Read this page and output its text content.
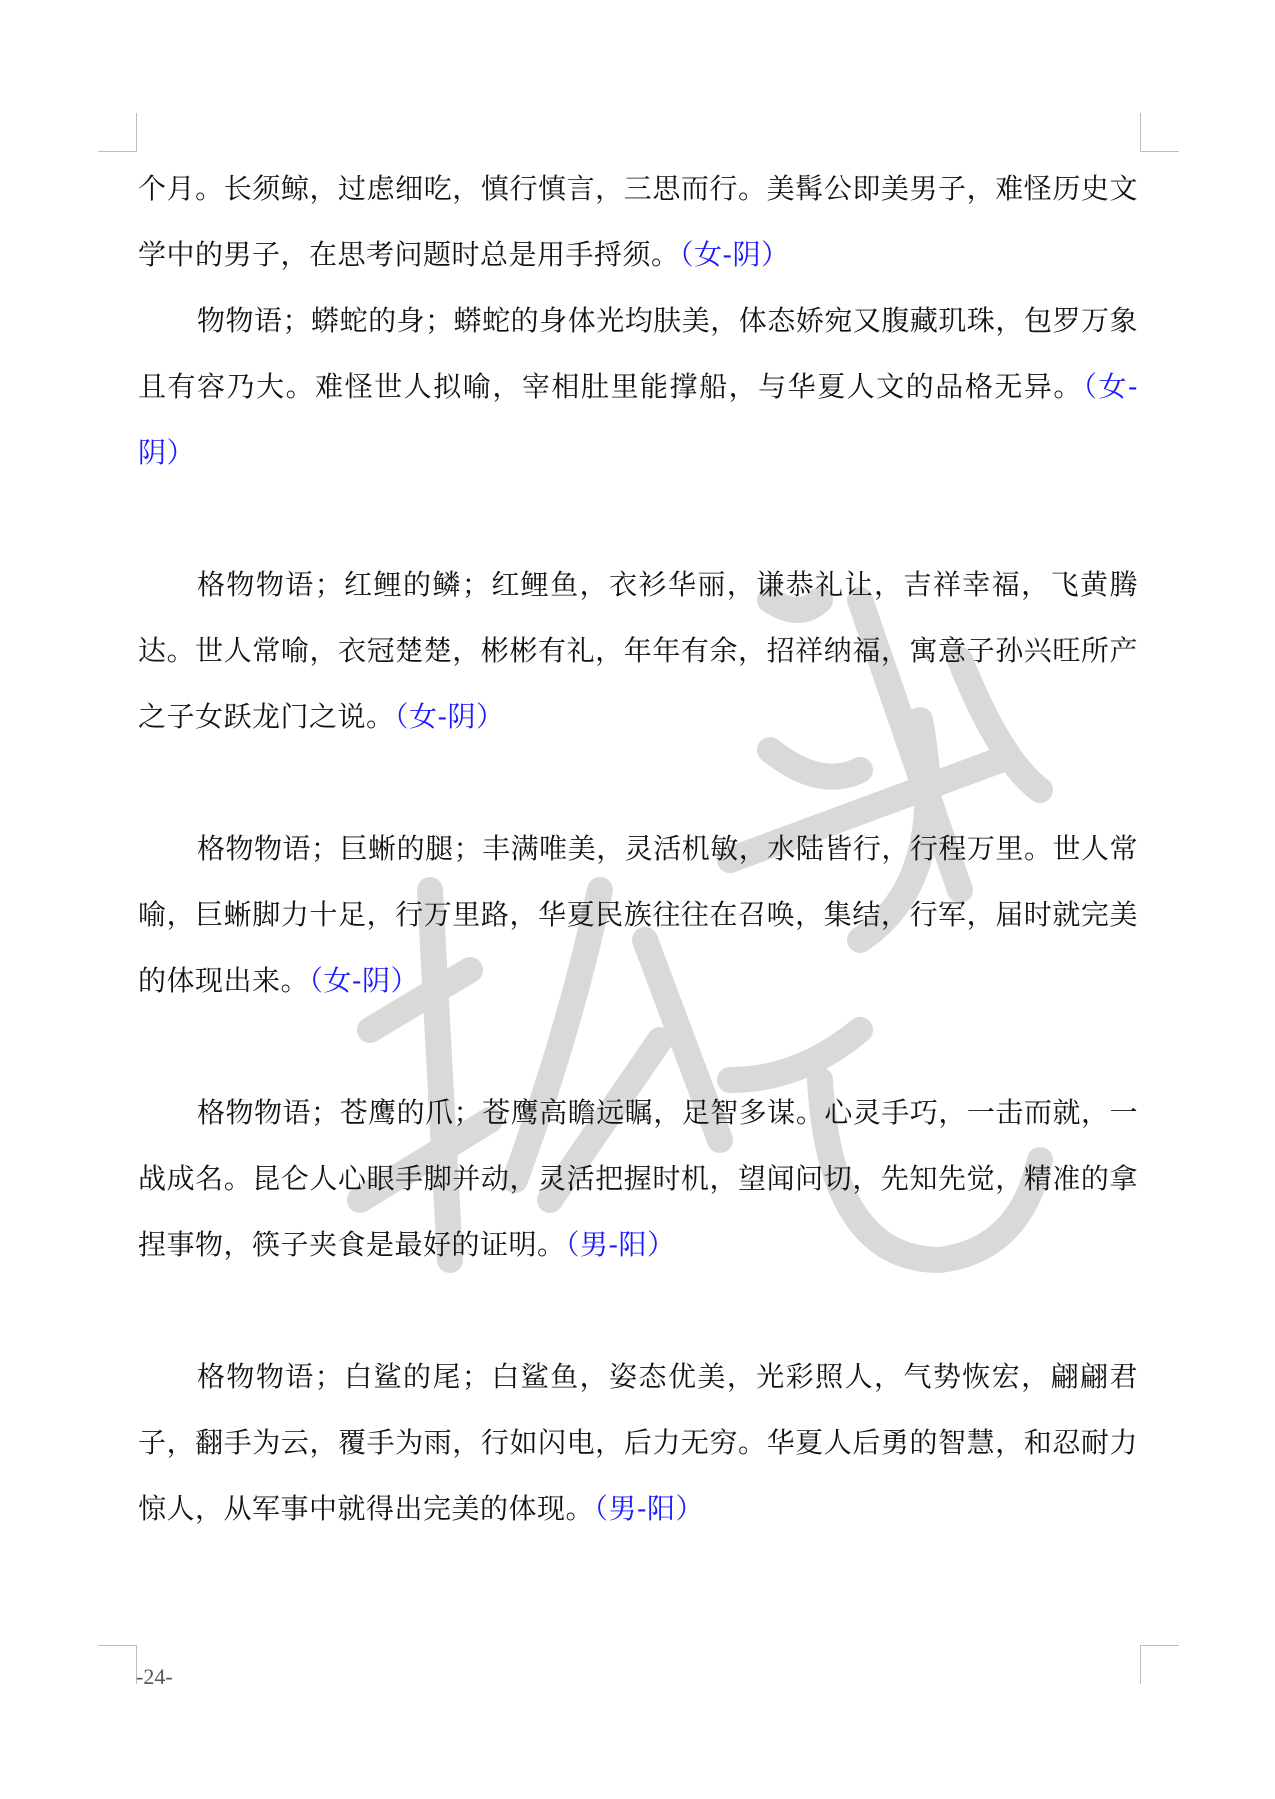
个月。长须鲸，过虑细吃，慎行慎言，三思而行。美髯公即美男子，难怪历史文学中的男子，在思考问题时总是用手捋须。（女-阴）

物物语；蟒蛇的身；蟒蛇的身体光均肤美，体态娇宛又腹藏玑珠，包罗万象且有容乃大。难怪世人拟喻，宰相肚里能撑船，与华夏人文的品格无异。（女-阴）

格物物语；红鲤的鳞；红鲤鱼，衣衫华丽，谦恭礼让，吉祥幸福，飞黄腾达。世人常喻，衣冠楚楚，彬彬有礼，年年有余，招祥纳福，寓意子孙兴旺所产之子女跃龙门之说。（女-阴）

格物物语；巨蜥的腿；丰满唯美，灵活机敏，水陆皆行，行程万里。世人常喻，巨蜥脚力十足，行万里路，华夏民族往往在召唤，集结，行军，届时就完美的体现出来。（女-阴）

格物物语；苍鹰的爪；苍鹰高瞻远瞩，足智多谋。心灵手巧，一击而就，一战成名。昆仑人心眼手脚并动，灵活把握时机，望闻问切，先知先觉，精准的拿捏事物，筷子夹食是最好的证明。（男-阳）

格物物语；白鲨的尾；白鲨鱼，姿态优美，光彩照人，气势恢宏，翩翩君子，翻手为云，覆手为雨，行如闪电，后力无穷。华夏人后勇的智慧，和忍耐力惊人，从军事中就得出完美的体现。（男-阳）

-24-
